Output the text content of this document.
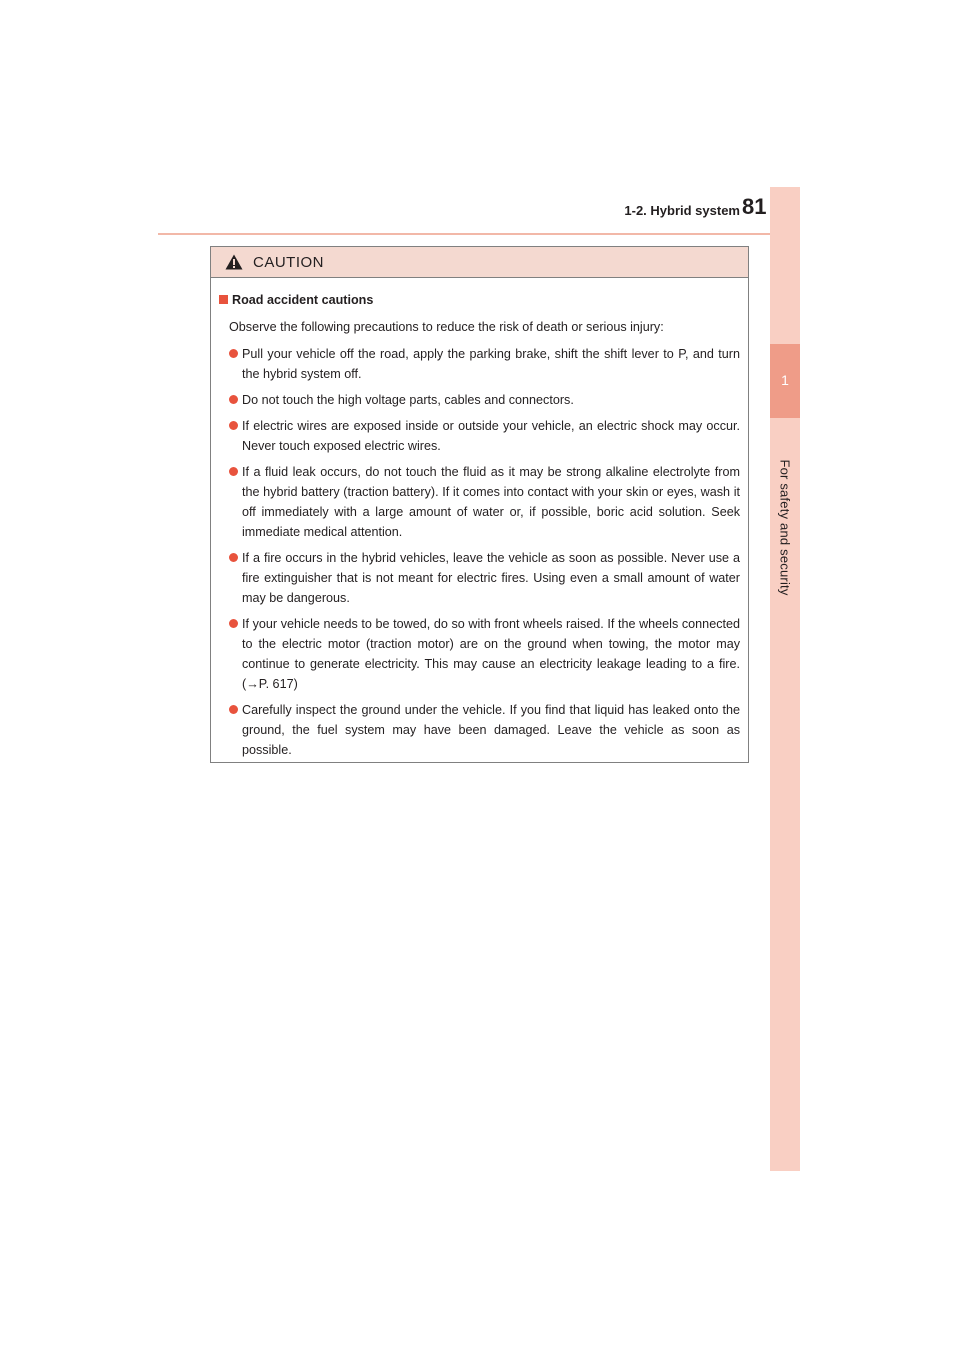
1-2. Hybrid system 81
1
For safety and security
CAUTION
Road accident cautions
Observe the following precautions to reduce the risk of death or serious injury:
Pull your vehicle off the road, apply the parking brake, shift the shift lever to P, and turn the hybrid system off.
Do not touch the high voltage parts, cables and connectors.
If electric wires are exposed inside or outside your vehicle, an electric shock may occur. Never touch exposed electric wires.
If a fluid leak occurs, do not touch the fluid as it may be strong alkaline electrolyte from the hybrid battery (traction battery). If it comes into contact with your skin or eyes, wash it off immediately with a large amount of water or, if possible, boric acid solution. Seek immediate medical attention.
If a fire occurs in the hybrid vehicles, leave the vehicle as soon as possible. Never use a fire extinguisher that is not meant for electric fires. Using even a small amount of water may be dangerous.
If your vehicle needs to be towed, do so with front wheels raised. If the wheels connected to the electric motor (traction motor) are on the ground when towing, the motor may continue to generate electricity. This may cause an electricity leakage leading to a fire. (→P. 617)
Carefully inspect the ground under the vehicle. If you find that liquid has leaked onto the ground, the fuel system may have been damaged. Leave the vehicle as soon as possible.
